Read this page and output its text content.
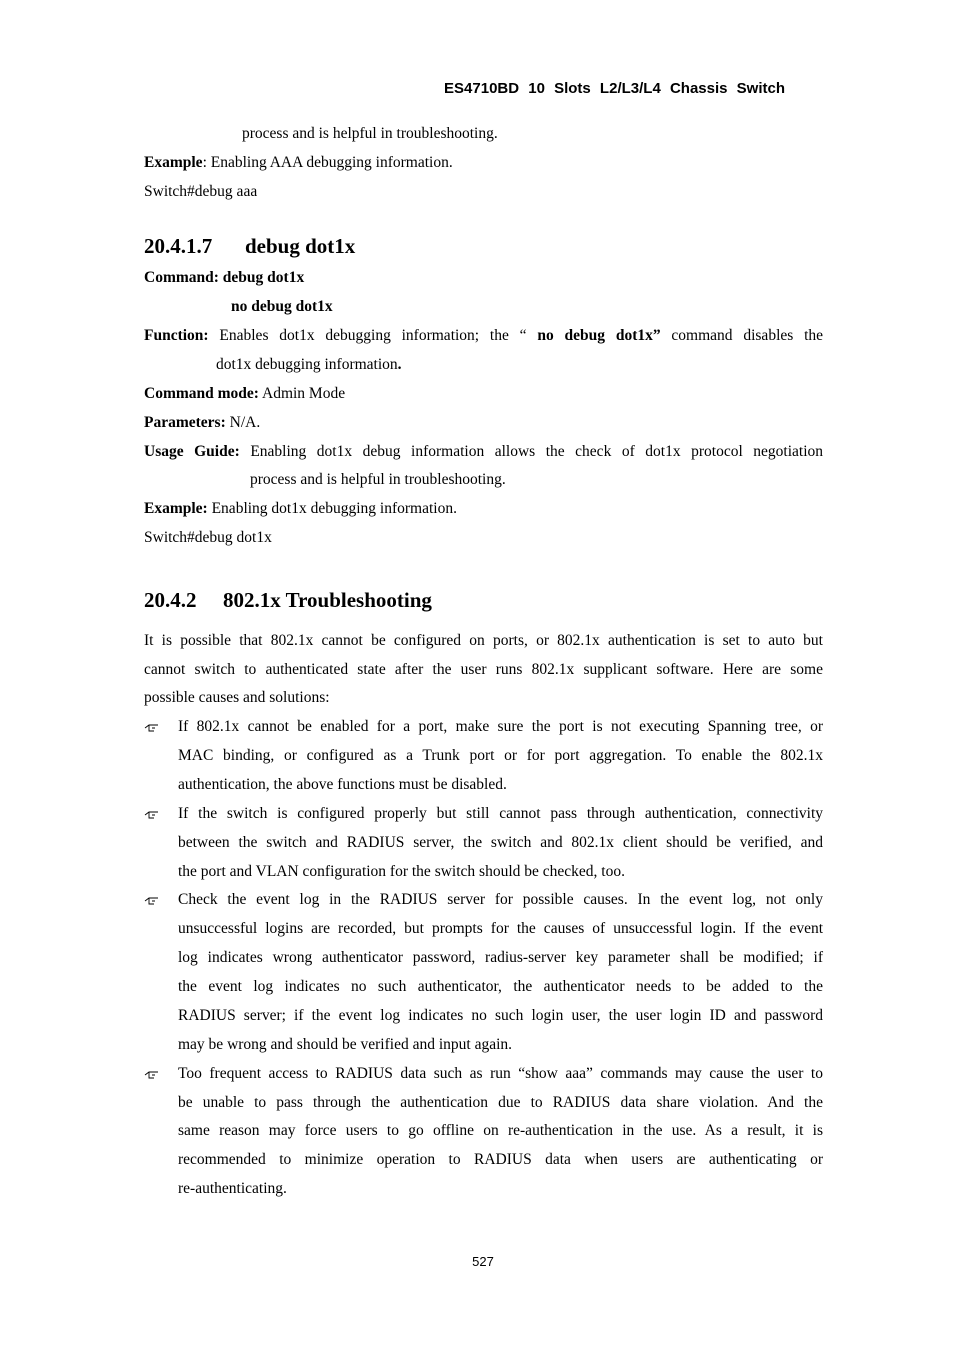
ES4710BD 10 Slots L2/L3/L4 Chassis Switch
process and is helpful in troubleshooting.
Example: Enabling AAA debugging information.
Switch#debug aaa
20.4.1.7 debug dot1x
Command: debug dot1x
no debug dot1x
Function: Enables dot1x debugging information; the “ no debug dot1x” command disables the
dot1x debugging information.
Command mode: Admin Mode
Parameters: N/A.
Usage Guide: Enabling dot1x debug information allows the check of dot1x protocol negotiation
process and is helpful in troubleshooting.
Example: Enabling dot1x debugging information.
Switch#debug dot1x
20.4.2 802.1x Troubleshooting
It is possible that 802.1x cannot be configured on ports, or 802.1x authentication is set to auto but
cannot switch to authenticated state after the user runs 802.1x supplicant software. Here are some
possible causes and solutions:
If 802.1x cannot be enabled for a port, make sure the port is not executing Spanning tree, or
MAC binding, or configured as a Trunk port or for port aggregation. To enable the 802.1x
authentication, the above functions must be disabled.
If the switch is configured properly but still cannot pass through authentication, connectivity
between the switch and RADIUS server, the switch and 802.1x client should be verified, and
the port and VLAN configuration for the switch should be checked, too.
Check the event log in the RADIUS server for possible causes. In the event log, not only
unsuccessful logins are recorded, but prompts for the causes of unsuccessful login. If the event
log indicates wrong authenticator password, radius-server key parameter shall be modified; if
the event log indicates no such authenticator, the authenticator needs to be added to the
RADIUS server; if the event log indicates no such login user, the user login ID and password
may be wrong and should be verified and input again.
Too frequent access to RADIUS data such as run “show aaa” commands may cause the user to
be unable to pass through the authentication due to RADIUS data share violation. And the
same reason may force users to go offline on re-authentication in the use. As a result, it is
recommended to minimize operation to RADIUS data when users are authenticating or
re-authenticating.
527
